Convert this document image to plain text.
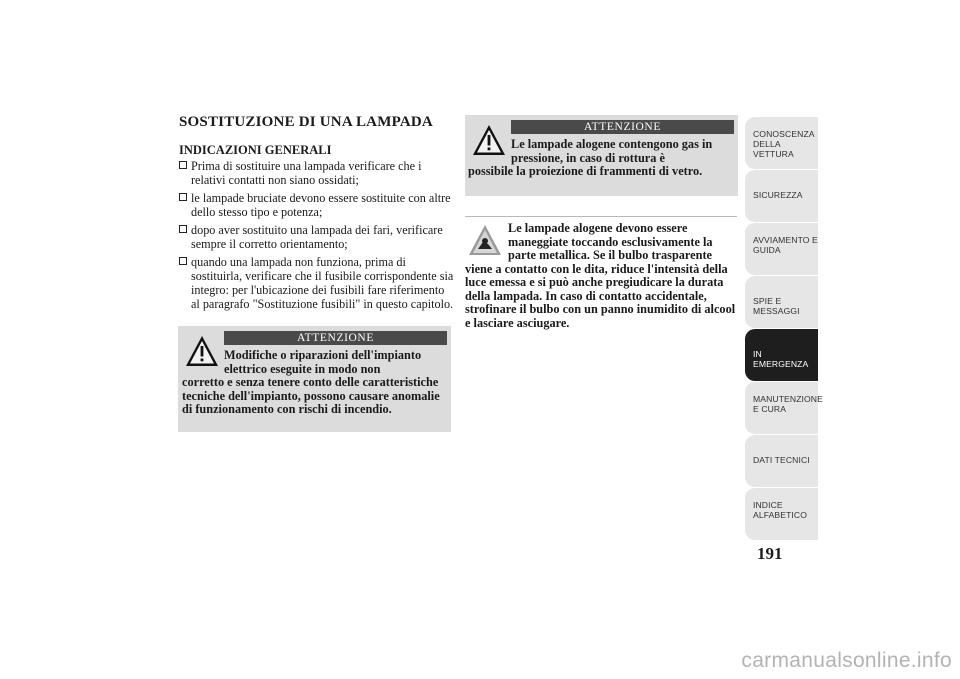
SOSTITUZIONE DI UNA LAMPADA
INDICAZIONI GENERALI
Prima di sostituire una lampada verificare che i relativi contatti non siano ossidati;
le lampade bruciate devono essere sostituite con altre dello stesso tipo e potenza;
dopo aver sostituito una lampada dei fari, verificare sempre il corretto orientamento;
quando una lampada non funziona, prima di sostituirla, verificare che il fusibile corrispondente sia integro: per l'ubicazione dei fusibili fare riferimento al paragrafo "Sostituzione fusibili" in questo capitolo.
ATTENZIONE
Modifiche o riparazioni dell'impianto elettrico eseguite in modo non
corretto e senza tenere conto delle caratteristiche tecniche dell'impianto, possono causare anomalie di funzionamento con rischi di incendio.
ATTENZIONE
Le lampade alogene contengono gas in pressione, in caso di rottura è
possibile la proiezione di frammenti di vetro.
Le lampade alogene devono essere maneggiate toccando esclusivamente la parte metallica. Se il bulbo trasparente
viene a contatto con le dita, riduce l'intensità della luce emessa e si può anche pregiudicare la durata della lampada. In caso di contatto accidentale, strofinare il bulbo con un panno inumidito di alcool e lasciare asciugare.
CONOSCENZA DELLA VETTURA
SICUREZZA
AVVIAMENTO E GUIDA
SPIE E MESSAGGI
IN EMERGENZA
MANUTENZIONE E CURA
DATI TECNICI
INDICE ALFABETICO
191
carmanualsonline.info
